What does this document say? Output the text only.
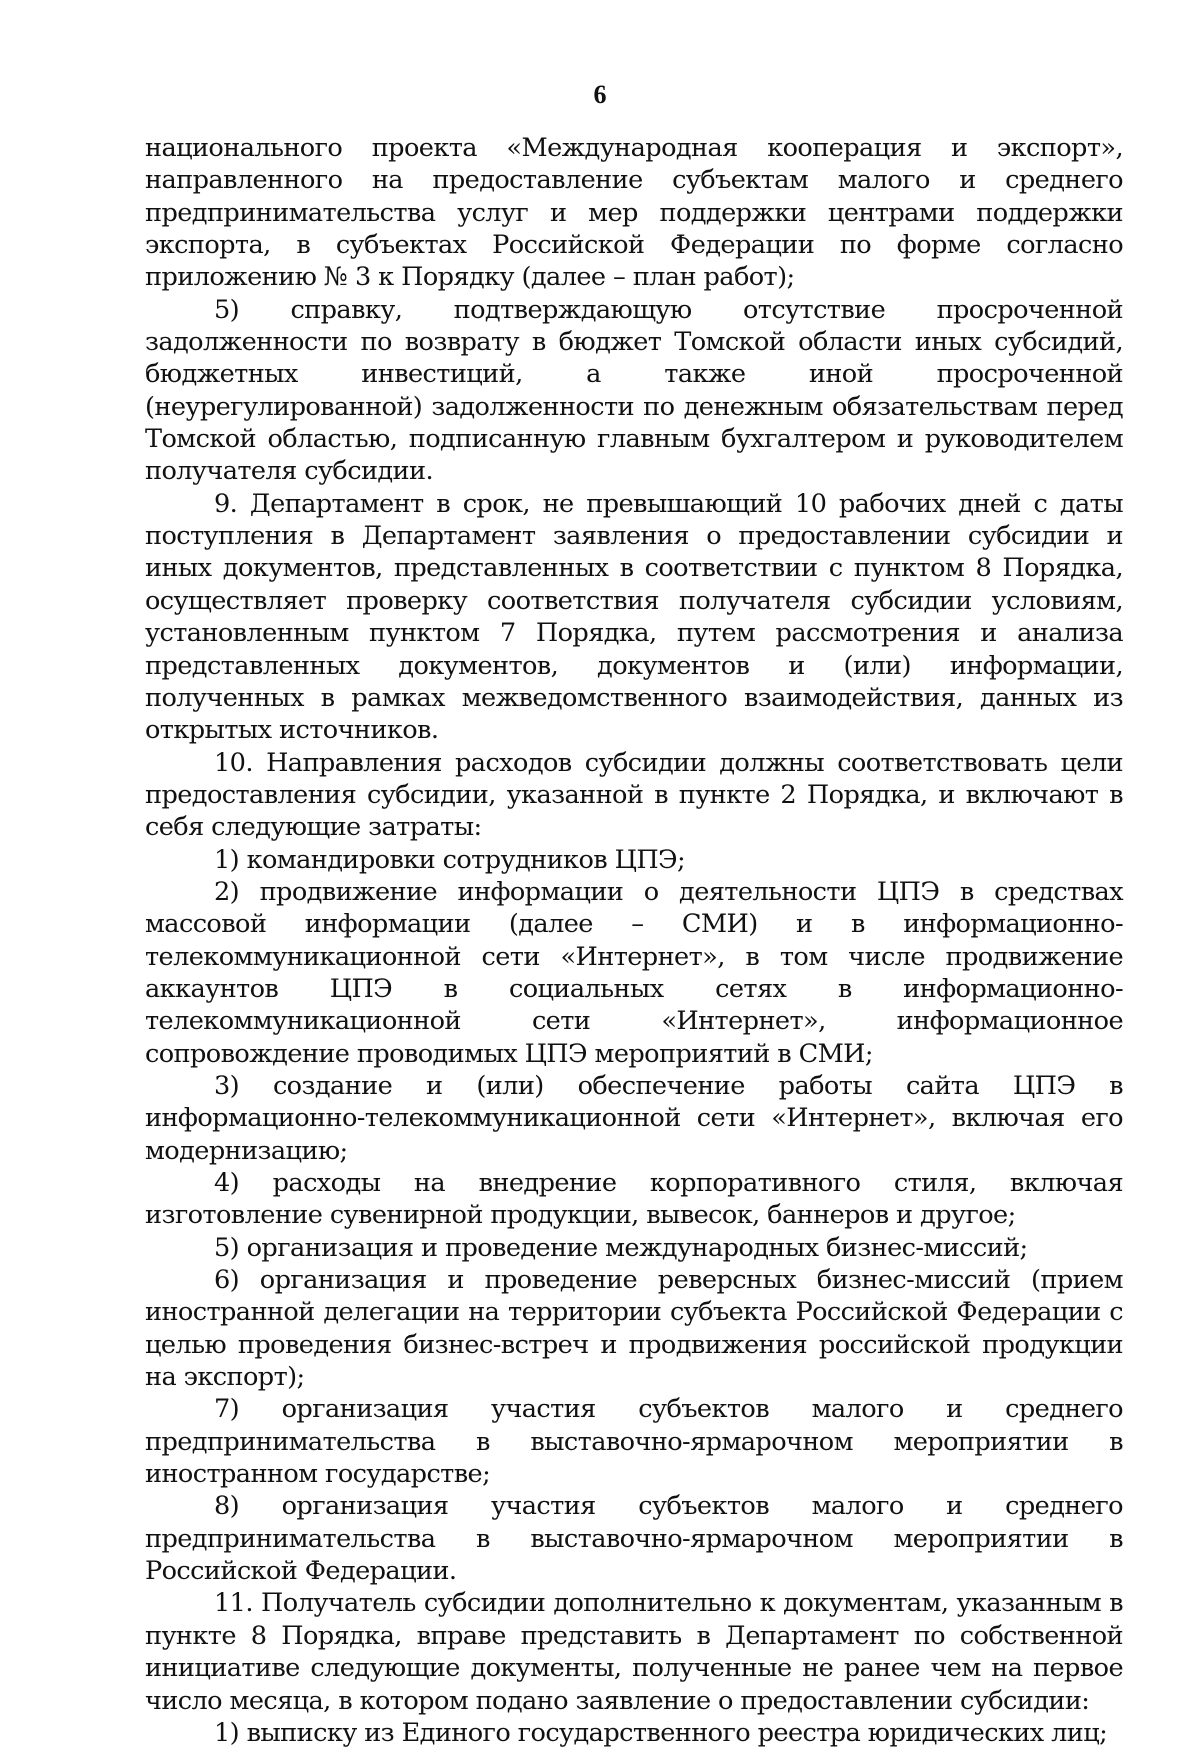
6

национального проекта «Международная кооперация и экспорт», направленного на предоставление субъектам малого и среднего предпринимательства услуг и мер поддержки центрами поддержки экспорта, в субъектах Российской Федерации по форме согласно приложению № 3 к Порядку (далее – план работ);

5) справку, подтверждающую отсутствие просроченной задолженности по возврату в бюджет Томской области иных субсидий, бюджетных инвестиций, а также иной просроченной (неурегулированной) задолженности по денежным обязательствам перед Томской областью, подписанную главным бухгалтером и руководителем получателя субсидии.

9. Департамент в срок, не превышающий 10 рабочих дней с даты поступления в Департамент заявления о предоставлении субсидии и иных документов, представленных в соответствии с пунктом 8 Порядка, осуществляет проверку соответствия получателя субсидии условиям, установленным пунктом 7 Порядка, путем рассмотрения и анализа представленных документов, документов и (или) информации, полученных в рамках межведомственного взаимодействия, данных из открытых источников.

10. Направления расходов субсидии должны соответствовать цели предоставления субсидии, указанной в пункте 2 Порядка, и включают в себя следующие затраты:

1) командировки сотрудников ЦПЭ;

2) продвижение информации о деятельности ЦПЭ в средствах массовой информации (далее – СМИ) и в информационно-телекоммуникационной сети «Интернет», в том числе продвижение аккаунтов ЦПЭ в социальных сетях в информационно-телекоммуникационной сети «Интернет», информационное сопровождение проводимых ЦПЭ мероприятий в СМИ;

3) создание и (или) обеспечение работы сайта ЦПЭ в информационно-телекоммуникационной сети «Интернет», включая его модернизацию;

4) расходы на внедрение корпоративного стиля, включая изготовление сувенирной продукции, вывесок, баннеров и другое;

5) организация и проведение международных бизнес-миссий;

6) организация и проведение реверсных бизнес-миссий (прием иностранной делегации на территории субъекта Российской Федерации с целью проведения бизнес-встреч и продвижения российской продукции на экспорт);

7) организация участия субъектов малого и среднего предпринимательства в выставочно-ярмарочном мероприятии в иностранном государстве;

8) организация участия субъектов малого и среднего предпринимательства в выставочно-ярмарочном мероприятии в Российской Федерации.

11. Получатель субсидии дополнительно к документам, указанным в пункте 8 Порядка, вправе представить в Департамент по собственной инициативе следующие документы, полученные не ранее чем на первое число месяца, в котором подано заявление о предоставлении субсидии:

1) выписку из Единого государственного реестра юридических лиц;
